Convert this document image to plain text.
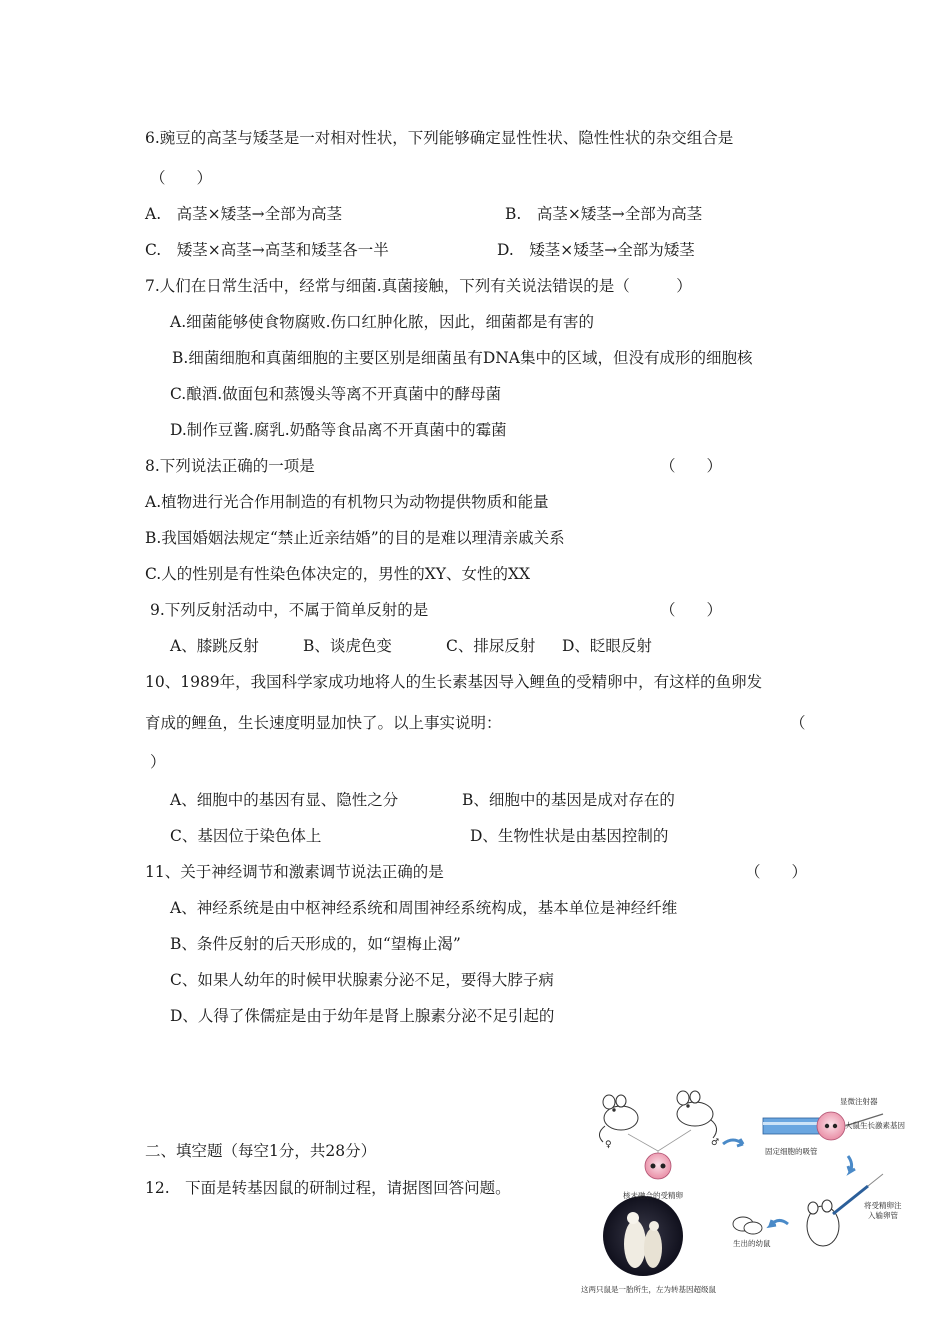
6.豌豆的高茎与矮茎是一对相对性状，下列能够确定显性性状、隐性性状的杂交组合是
（　　）
A.　高茎×矮茎→全部为高茎	B.　高茎×矮茎→全部为高茎
C.　矮茎×高茎→高茎和矮茎各一半	D.　矮茎×矮茎→全部为矮茎
7.人们在日常生活中，经常与细菌.真菌接触，下列有关说法错误的是（　　　）
A.细菌能够使食物腐败.伤口红肿化脓，因此，细菌都是有害的
B.细菌细胞和真菌细胞的主要区别是细菌虽有DNA集中的区域，但没有成形的细胞核
C.酿酒.做面包和蒸馒头等离不开真菌中的酵母菌
D.制作豆酱.腐乳.奶酪等食品离不开真菌中的霉菌
8.下列说法正确的一项是	（　　）
A.植物进行光合作用制造的有机物只为动物提供物质和能量
B.我国婚姻法规定“禁止近亲结婚”的目的是难以理清亲戚关系
C.人的性别是有性染色体决定的，男性的XY、女性的XX
9.下列反射活动中，不属于简单反射的是	（　　）
A、膝跳反射	B、谈虎色变	C、排尿反射 D、眨眼反射
10、1989年，我国科学家成功地将人的生长素基因导入鲤鱼的受精卵中，有这样的鱼卵发
育成的鲤鱼，生长速度明显加快了。以上事实说明：	（
）
A、细胞中的基因有显、隐性之分	B、细胞中的基因是成对存在的
C、基因位于染色体上	D、生物性状是由基因控制的
11、关于神经调节和激素调节说法正确的是	（　　）
A、神经系统是由中枢神经系统和周围神经系统构成，基本单位是神经纤维
B、条件反射的后天形成的，如“望梅止渴”
C、如果人幼年的时候甲状腺素分泌不足，要得大脖子病
D、人得了侏儒症是由于幼年是肾上腺素分泌不足引起的
二、填空题（每空1分，共28分）
12.　下面是转基因鼠的研制过程，请据图回答问题。
显微注射器
大鼠生长激素基因
核未融合的受精卵
固定细胞的吸管
将受精卵注
入输卵管
生出的幼鼠
这两只鼠是一胎所生，左为转基因超级鼠
♀	♂
